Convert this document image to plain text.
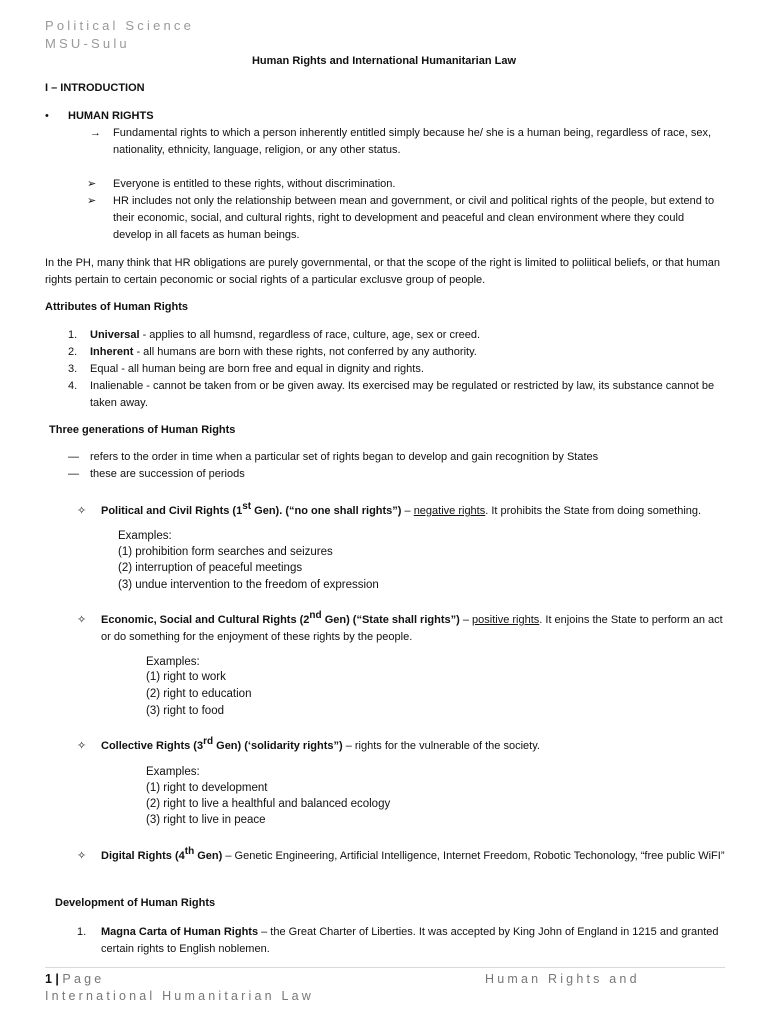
Political Science
MSU-Sulu
Human Rights and International Humanitarian Law
I – INTRODUCTION
• HUMAN RIGHTS
→ Fundamental rights to which a person inherently entitled simply because he/ she is a human being, regardless of race, sex, nationality, ethnicity, language, religion, or any other status.
➢ Everyone is entitled to these rights, without discrimination.
➢ HR includes not only the relationship between mean and government, or civil and political rights of the people, but extend to their economic, social, and cultural rights, right to development and peaceful and clean environment where they could develop in all facets as human beings.
In the PH, many think that HR obligations are purely governmental, or that the scope of the right is limited to poliitical beliefs, or that human rights pertain to certain peconomic or social rights of a particular exclusve group of people.
Attributes of Human Rights
1. Universal - applies to all humsnd, regardless of race, culture, age, sex or creed.
2. Inherent - all humans are born with these rights, not conferred by any authority.
3. Equal - all human being are born free and equal in dignity and rights.
4. Inalienable - cannot be taken from or be given away. Its exercised may be regulated or restricted by law, its substance cannot be taken away.
Three generations of Human Rights
— refers to the order in time when a particular set of rights began to develop and gain recognition by States
— these are succession of periods
✧ Political and Civil Rights (1st Gen). (“no one shall rights”) – negative rights. It prohibits the State from doing something.
Examples:
(1) prohibition form searches and seizures
(2) interruption of peaceful meetings
(3) undue intervention to the freedom of expression
✧ Economic, Social and Cultural Rights (2nd Gen) (“State shall rights”) – positive rights. It enjoins the State to perform an act or do something for the enjoyment of these rights by the people.
Examples:
(1) right to work
(2) right to education
(3) right to food
✧ Collective Rights (3rd Gen) (‘solidarity rights”) – rights for the vulnerable of the society.
Examples:
(1) right to development
(2) right to live a healthful and balanced ecology
(3) right to live in peace
✧ Digital Rights (4th Gen) – Genetic Engineering, Artificial Intelligence, Internet Freedom, Robotic Techonology, “free public WiFI”
Development of Human Rights
1. Magna Carta of Human Rights – the Great Charter of Liberties. It was accepted by King John of England in 1215 and granted certain rights to English noblemen.
1 | Page	Human Rights and
International Humanitarian Law
